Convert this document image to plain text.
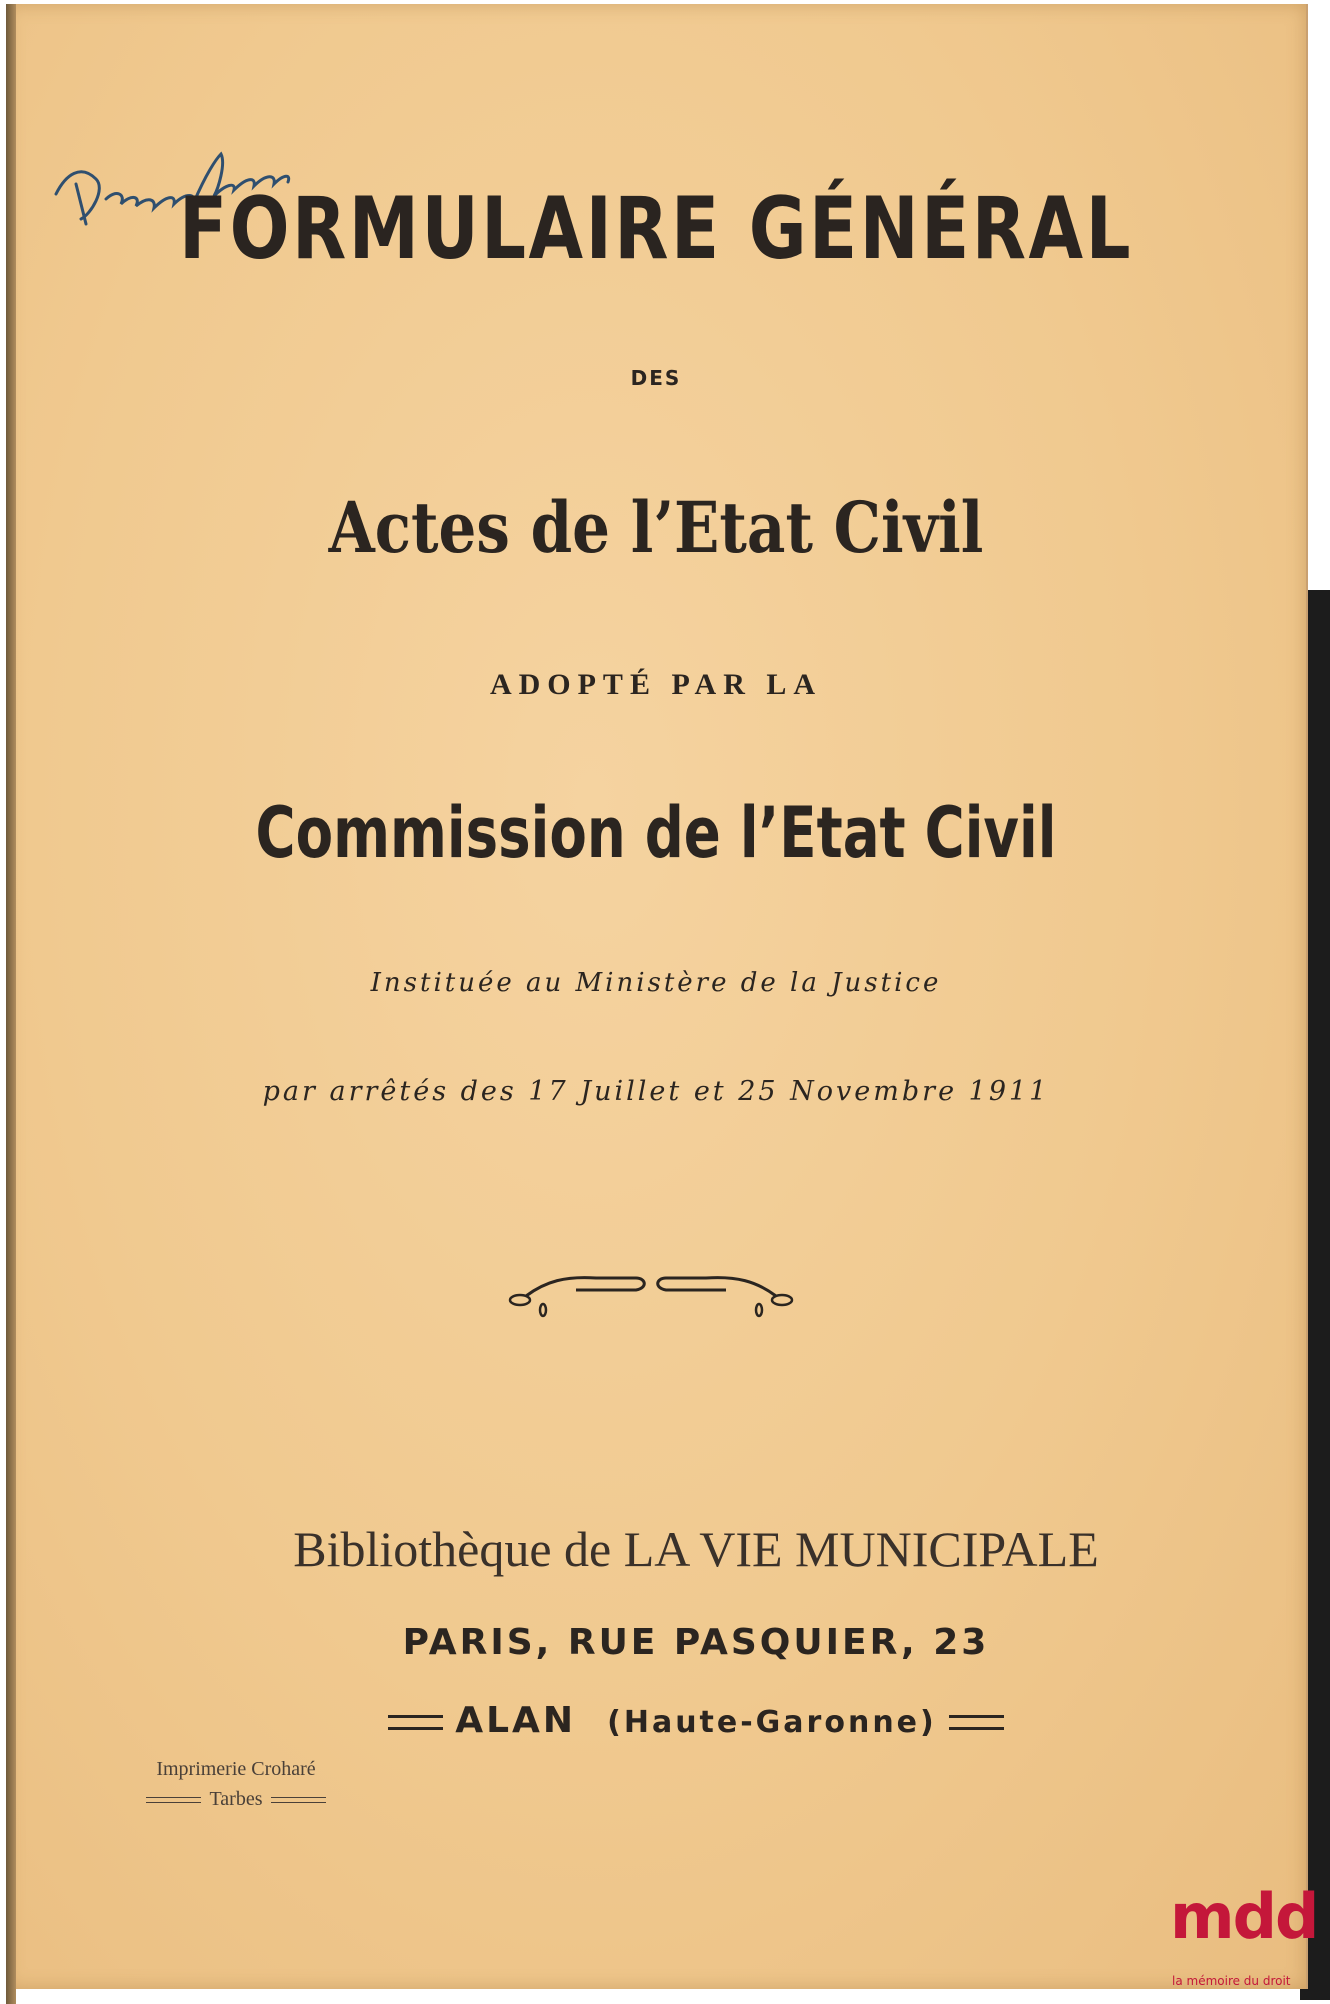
FORMULAIRE GÉNÉRAL
DES
Actes de l’Etat Civil
ADOPTÉ PAR LA
Commission de l’Etat Civil
Instituée au Ministère de la Justice
par arrêtés des 17 Juillet et 25 Novembre 1911
Bibliothèque de LA VIE MUNICIPALE
PARIS, RUE PASQUIER, 23
ALAN (Haute-Garonne)
Imprimerie Croharé
Tarbes
mdd
la mémoire du droit
